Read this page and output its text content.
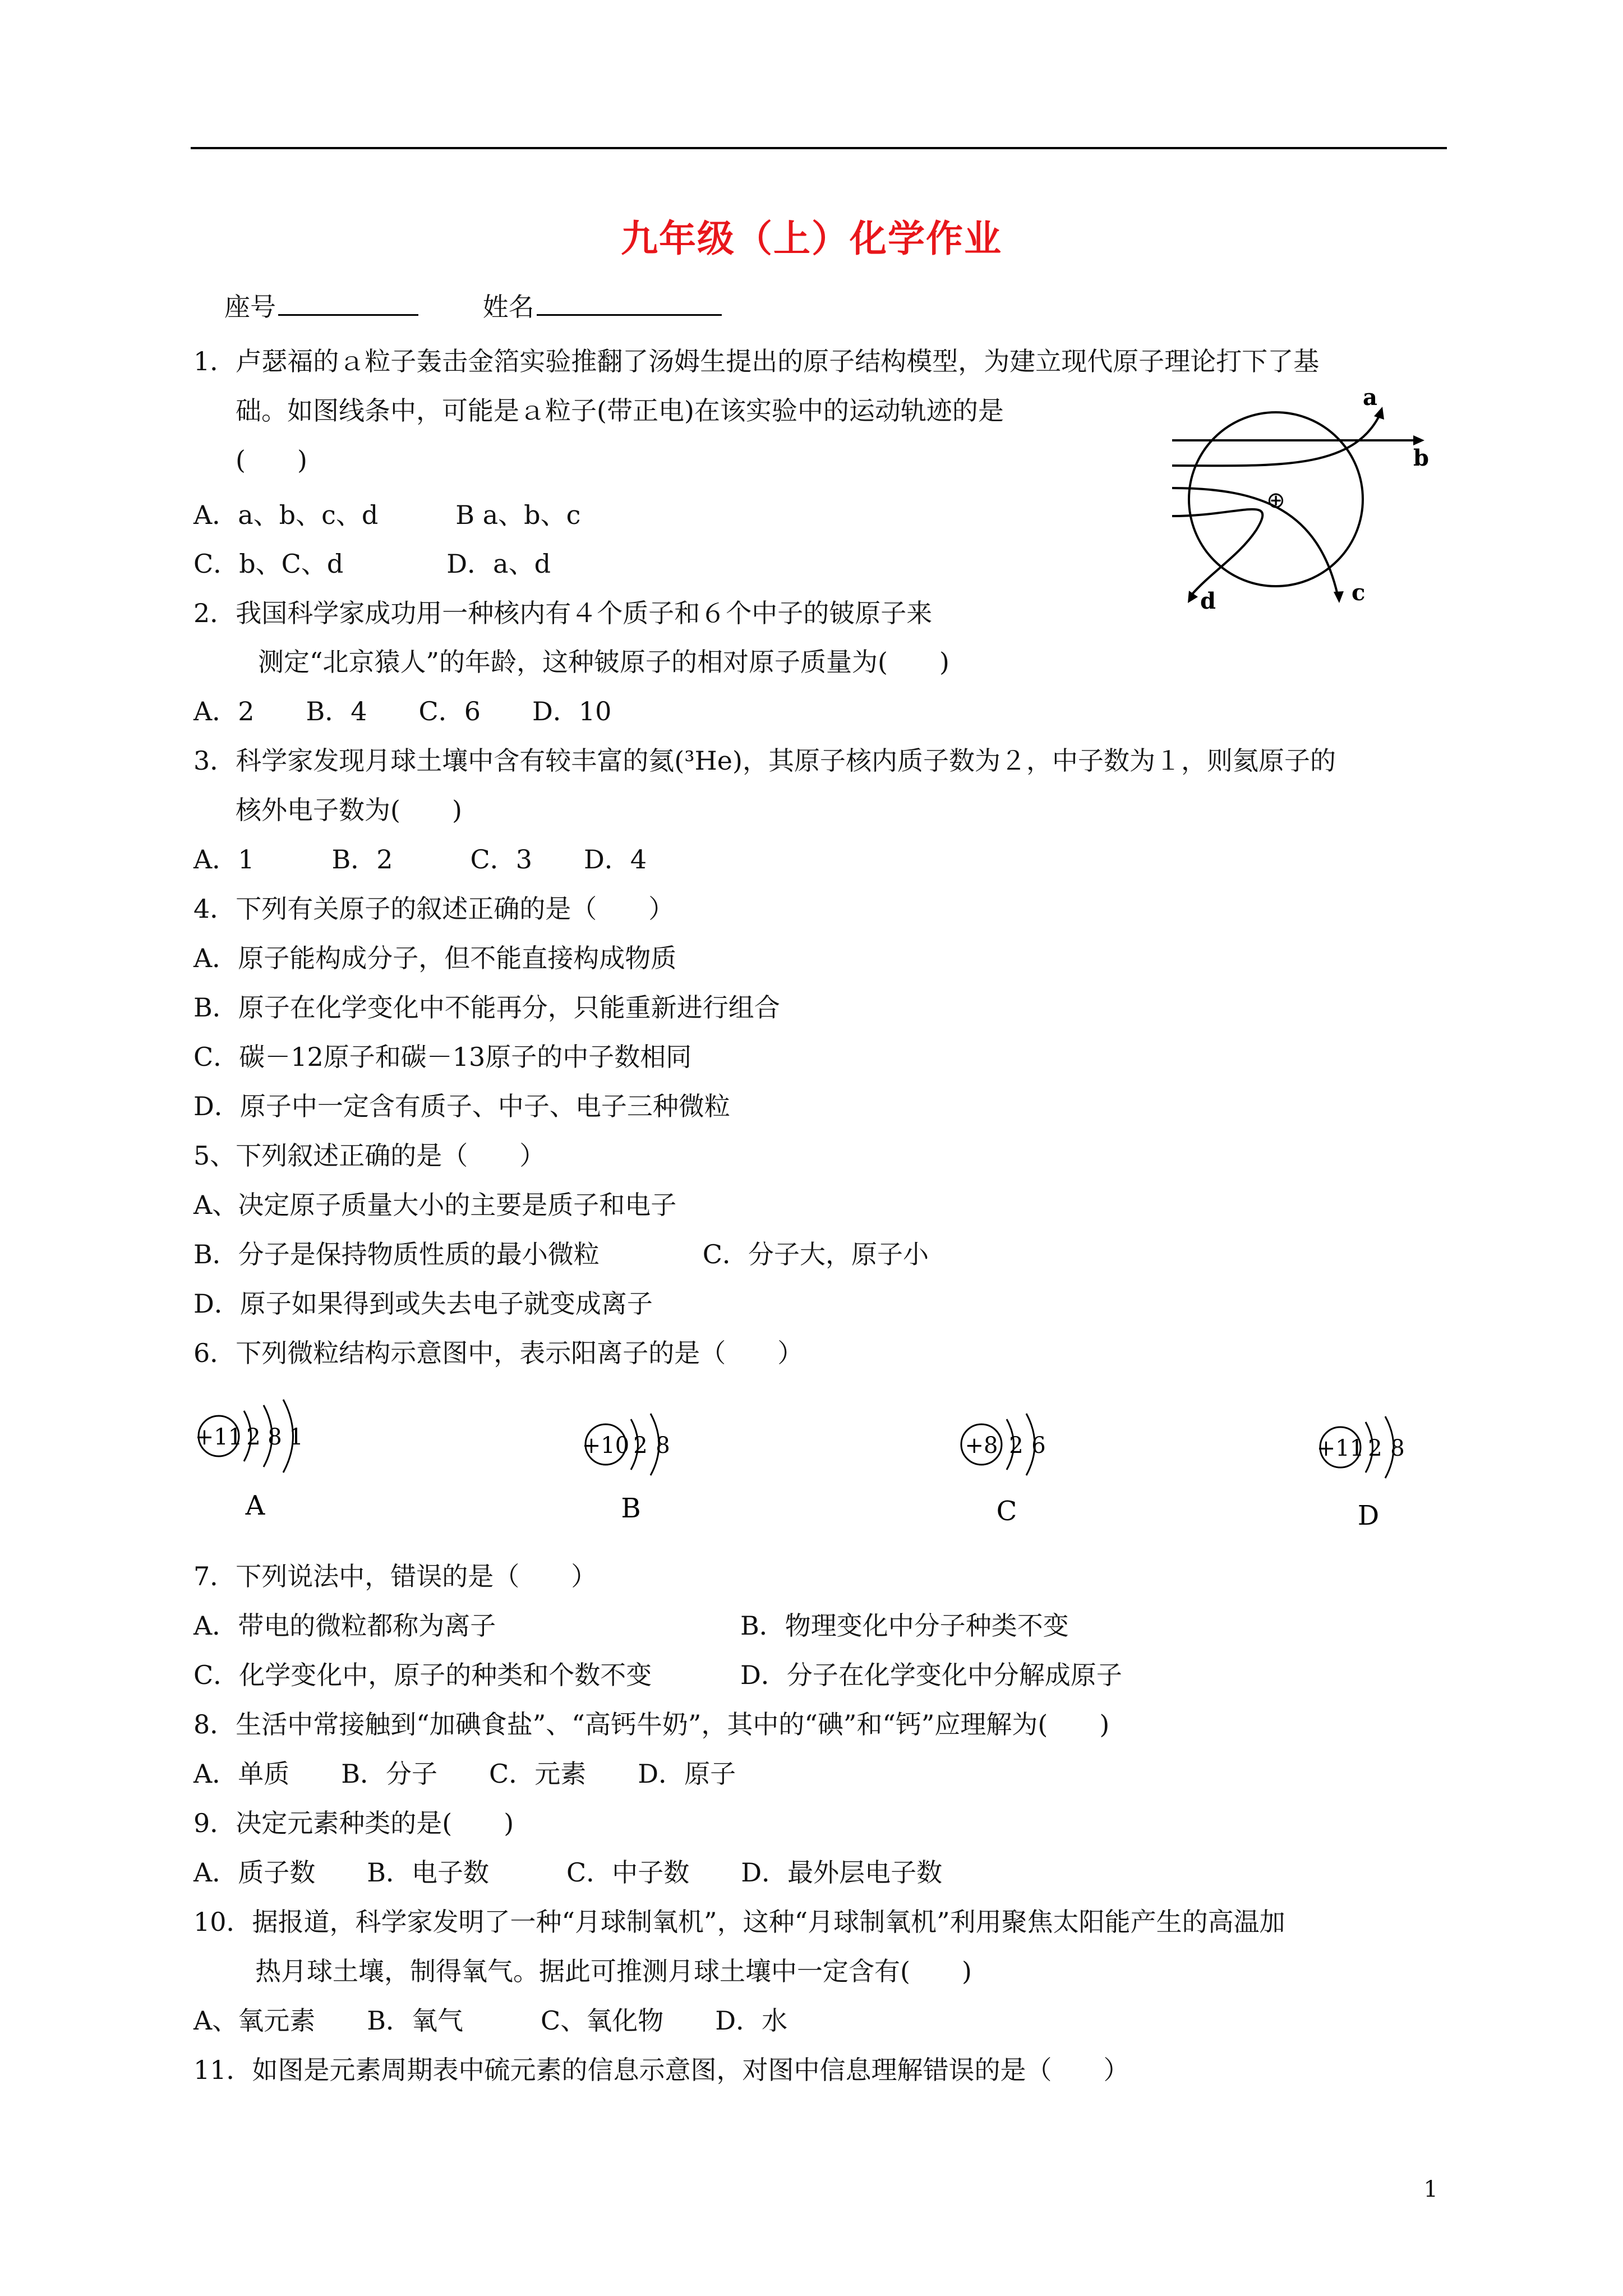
九年级（上）化学作业
座号	姓名
1．卢瑟福的ａ粒子轰击金箔实验推翻了汤姆生提出的原子结构模型，为建立现代原子理论打下了基
础。如图线条中，可能是ａ粒子(带正电)在该实验中的运动轨迹的是
(　　)
A．a、b、c、d　　　B a、b、c
C．b、C、d　　　　D．a、d
2．我国科学家成功用一种核内有４个质子和６个中子的铍原子来
测定“北京猿人”的年龄，这种铍原子的相对原子质量为(　　)
A．2　　B．4　　C．6　　D．10
3．科学家发现月球土壤中含有较丰富的氦(³He)，其原子核内质子数为２，中子数为１，则氦原子的
核外电子数为(　　)
A．1　　　B．2　　　C．3　　D．4
4．下列有关原子的叙述正确的是（　　）
A．原子能构成分子，但不能直接构成物质
B．原子在化学变化中不能再分，只能重新进行组合
C．碳－12原子和碳－13原子的中子数相同
D．原子中一定含有质子、中子、电子三种微粒
5、下列叙述正确的是（　　）
A、决定原子质量大小的主要是质子和电子
B．分子是保持物质性质的最小微粒　　　　C．分子大，原子小
D．原子如果得到或失去电子就变成离子
6．下列微粒结构示意图中，表示阳离子的是（　　）
⊕
a
b
c
d
+11 2 8 1
A
+10 2 8
B
+8 2 6
C
+11 2 8
D
7．下列说法中，错误的是（　　）
A．带电的微粒都称为离子	B．物理变化中分子种类不变
C．化学变化中，原子的种类和个数不变	D．分子在化学变化中分解成原子
8．生活中常接触到“加碘食盐”、“高钙牛奶”，其中的“碘”和“钙”应理解为(　　)
A．单质　　B．分子　　C．元素　　D．原子
9．决定元素种类的是(　　)
A．质子数　　B．电子数　　　C．中子数　　D．最外层电子数
10．据报道，科学家发明了一种“月球制氧机”，这种“月球制氧机”利用聚焦太阳能产生的高温加
热月球土壤，制得氧气。据此可推测月球土壤中一定含有(　　)
A、氧元素　　B．氧气　　　C、氧化物　　D．水
11．如图是元素周期表中硫元素的信息示意图，对图中信息理解错误的是（　　）
1
